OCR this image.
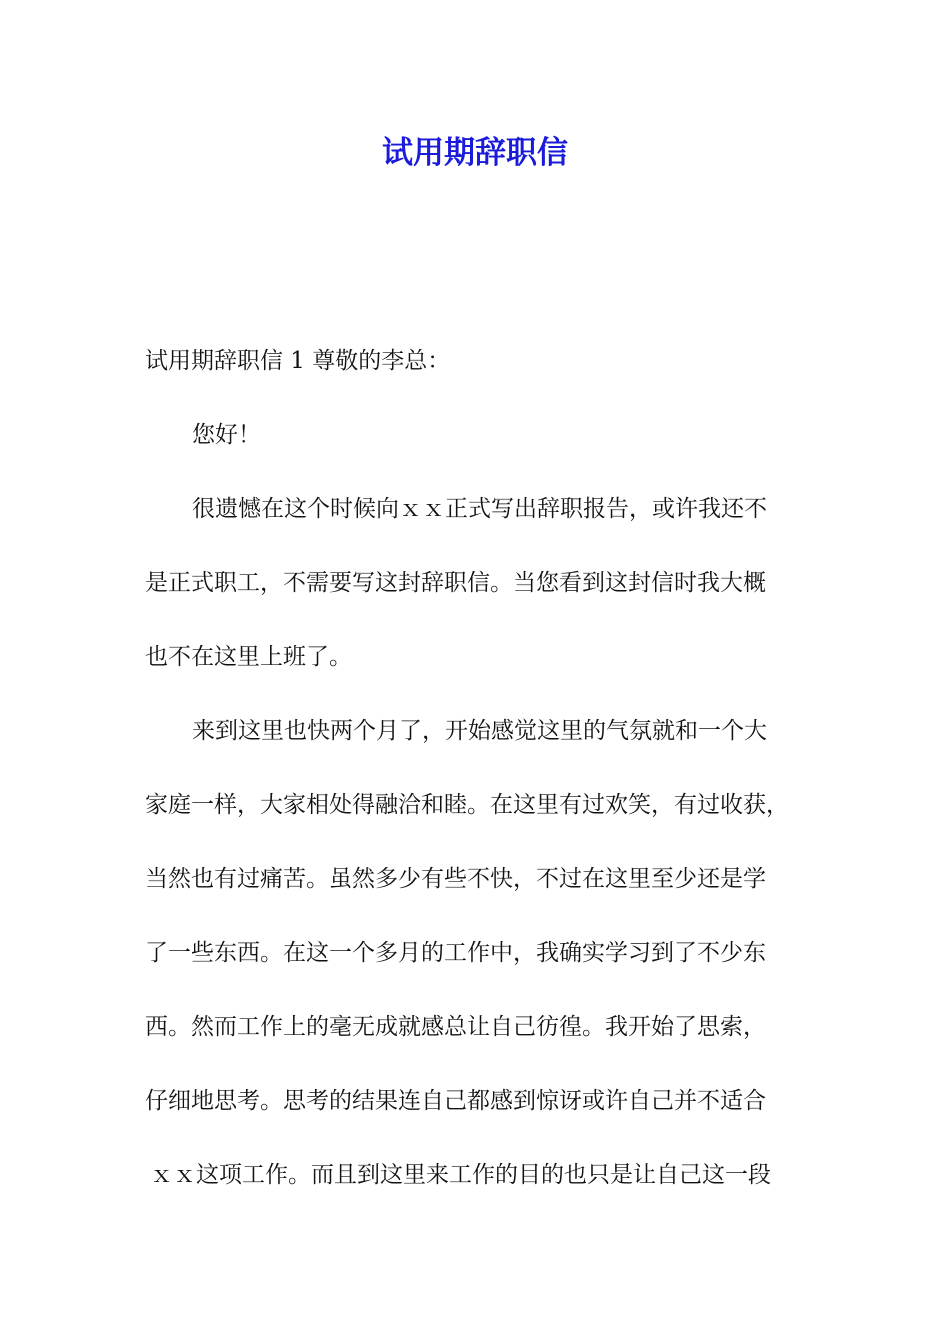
试用期辞职信

试用期辞职信 1 尊敬的李总：

您好！

很遗憾在这个时候向ｘｘ正式写出辞职报告，或许我还不

是正式职工，不需要写这封辞职信。当您看到这封信时我大概

也不在这里上班了。

来到这里也快两个月了，开始感觉这里的气氛就和一个大

家庭一样，大家相处得融洽和睦。在这里有过欢笑，有过收获，

当然也有过痛苦。虽然多少有些不快，不过在这里至少还是学

了一些东西。在这一个多月的工作中，我确实学习到了不少东

西。然而工作上的毫无成就感总让自己彷徨。我开始了思索，

仔细地思考。思考的结果连自己都感到惊讶或许自己并不适合

ｘｘ这项工作。而且到这里来工作的目的也只是让自己这一段
